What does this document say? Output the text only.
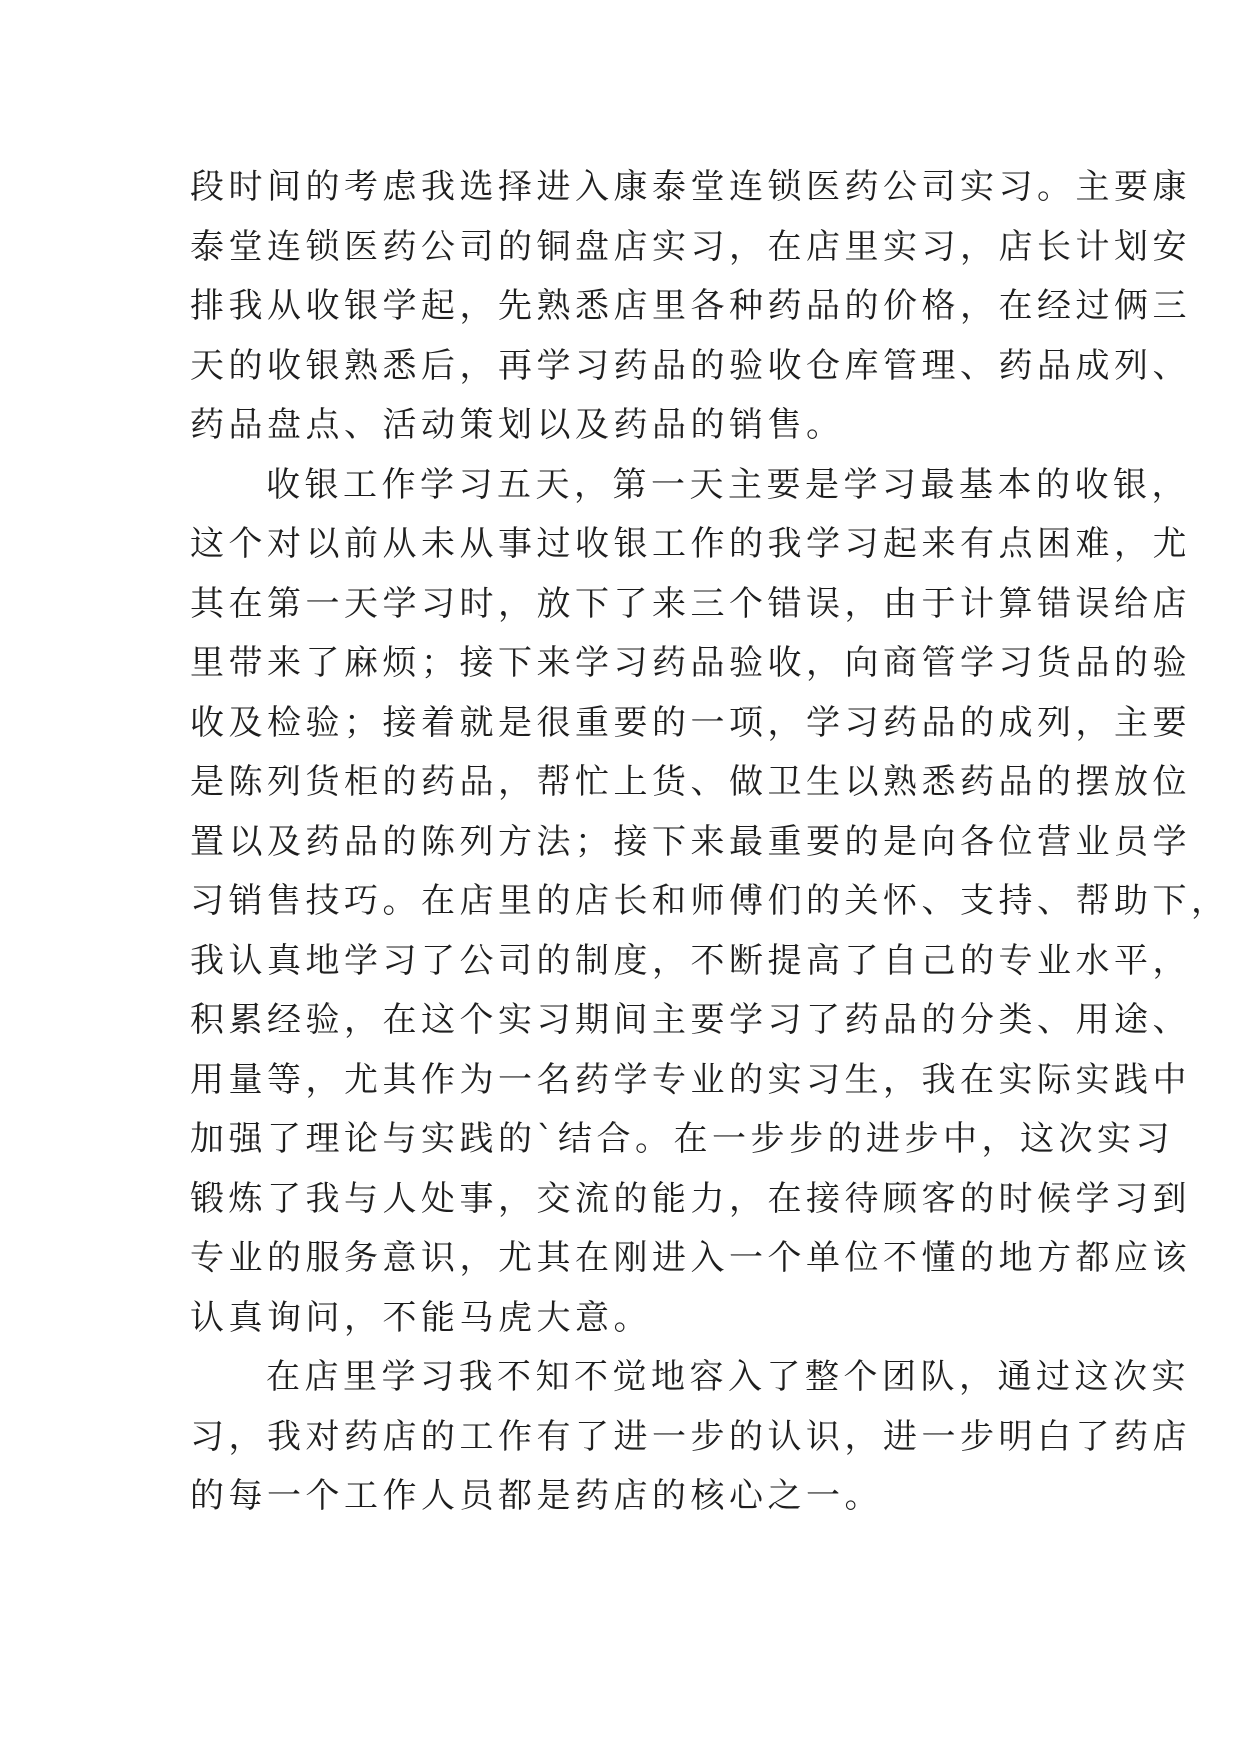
段时间的考虑我选择进入康泰堂连锁医药公司实习。主要康
泰堂连锁医药公司的铜盘店实习，在店里实习，店长计划安
排我从收银学起，先熟悉店里各种药品的价格，在经过俩三
天的收银熟悉后，再学习药品的验收仓库管理、药品成列、
药品盘点、活动策划以及药品的销售。
收银工作学习五天，第一天主要是学习最基本的收银，
这个对以前从未从事过收银工作的我学习起来有点困难，尤
其在第一天学习时，放下了来三个错误，由于计算错误给店
里带来了麻烦；接下来学习药品验收，向商管学习货品的验
收及检验；接着就是很重要的一项，学习药品的成列，主要
是陈列货柜的药品，帮忙上货、做卫生以熟悉药品的摆放位
置以及药品的陈列方法；接下来最重要的是向各位营业员学
习销售技巧。在店里的店长和师傅们的关怀、支持、帮助下，
我认真地学习了公司的制度，不断提高了自己的专业水平，
积累经验，在这个实习期间主要学习了药品的分类、用途、
用量等，尤其作为一名药学专业的实习生，我在实际实践中
加强了理论与实践的`结合。在一步步的进步中，这次实习
锻炼了我与人处事，交流的能力，在接待顾客的时候学习到
专业的服务意识，尤其在刚进入一个单位不懂的地方都应该
认真询问，不能马虎大意。
在店里学习我不知不觉地容入了整个团队，通过这次实
习，我对药店的工作有了进一步的认识，进一步明白了药店
的每一个工作人员都是药店的核心之一。
